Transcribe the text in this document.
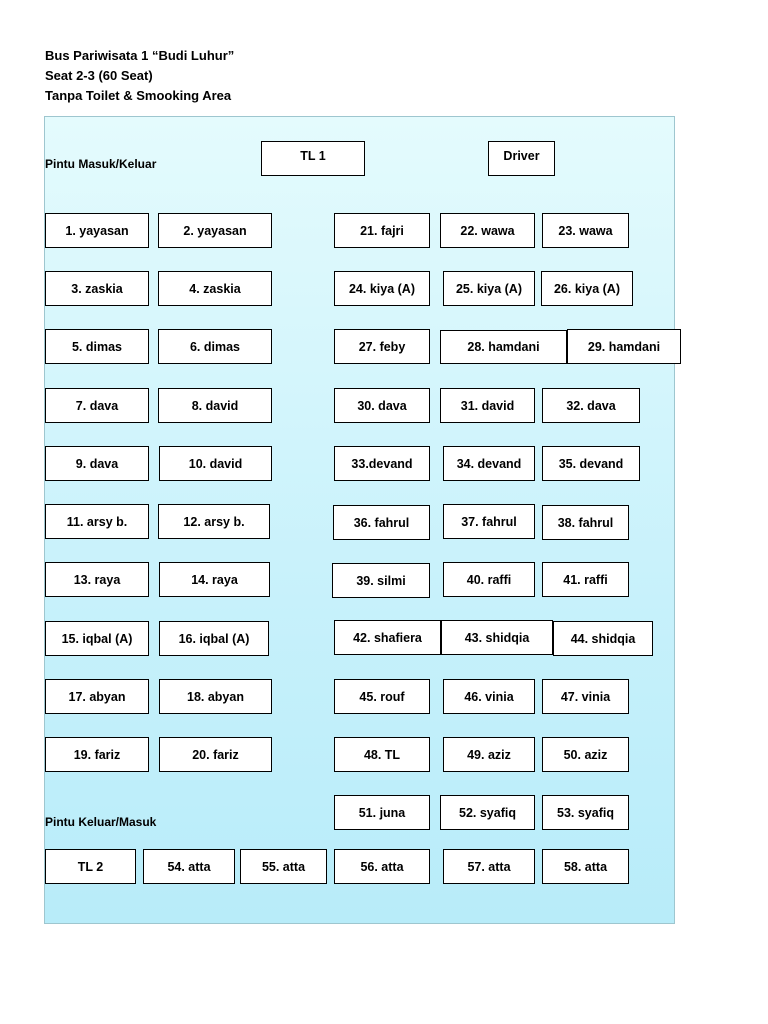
Bus Pariwisata 1 “Budi Luhur”
Seat 2-3 (60 Seat)
Tanpa Toilet & Smooking Area
Pintu Masuk/Keluar
Pintu Keluar/Masuk
TL 1	Driver
1. yayasan	2. yayasan
3. zaskia	4. zaskia
5. dimas	6. dimas
7. dava	8. david
9. dava	10. david
11. arsy b.	12. arsy b.
13. raya	14. raya
15. iqbal (A)	16. iqbal (A)
17. abyan	18. abyan
19. fariz	20. fariz
21. fajri	22. wawa	23. wawa
24. kiya (A)	25. kiya (A)	26. kiya (A)
27. feby	28. hamdani	29. hamdani
30. dava	31. david	32. dava
33.devand	34. devand	35. devand
36. fahrul	37. fahrul	38. fahrul
39. silmi	40. raffi	41. raffi
42. shafiera	43. shidqia	44. shidqia
45. rouf	46. vinia	47. vinia
48. TL	49. aziz	50. aziz
51. juna	52. syafiq	53. syafiq
TL 2	54. atta	55. atta	56. atta	57. atta	58. atta
